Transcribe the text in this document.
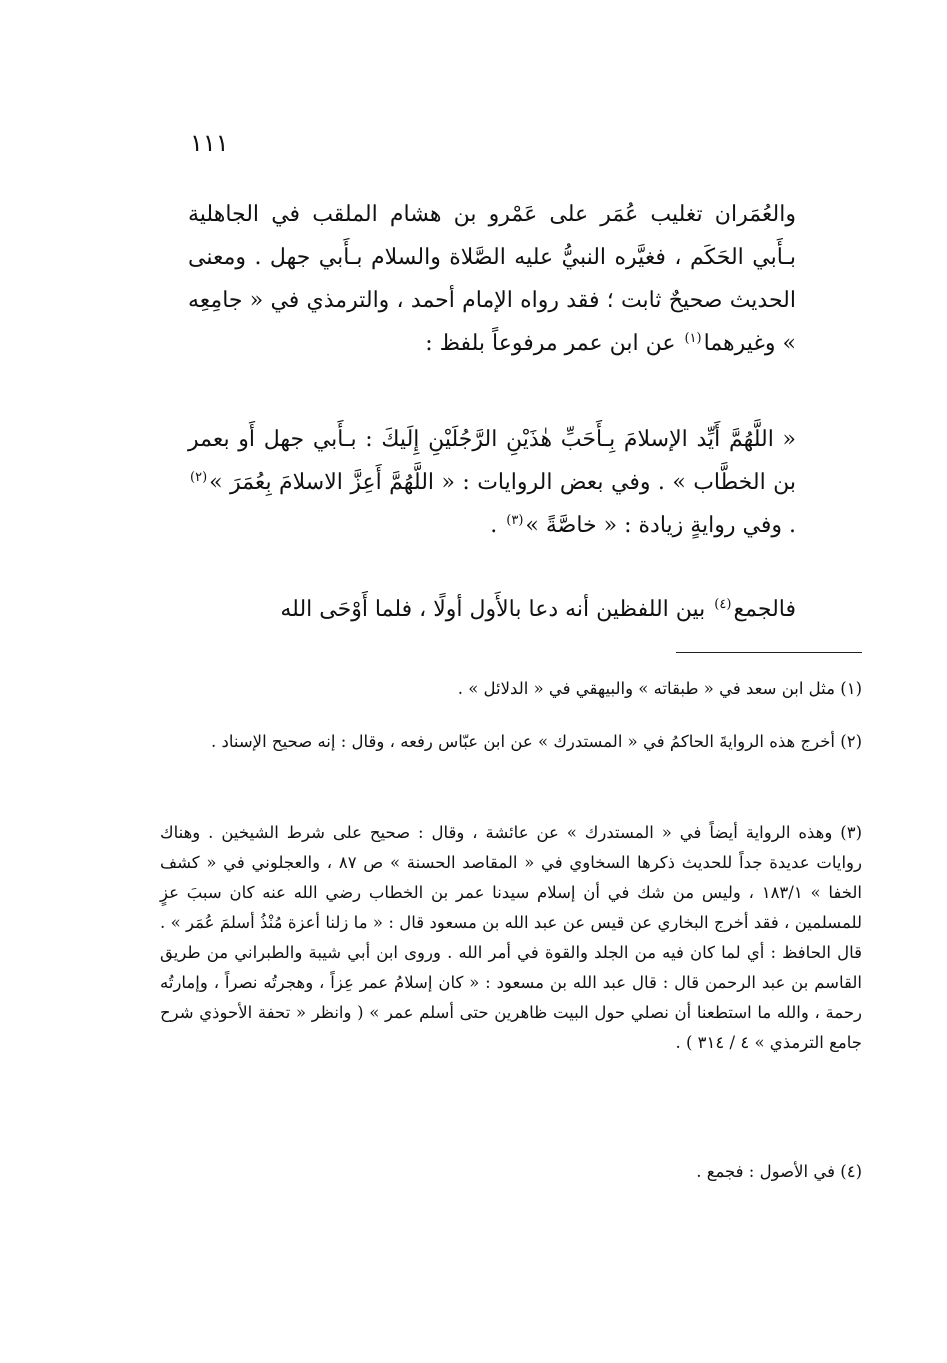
١١١

والعُمَران تغليب عُمَر على عَمْرو بن هشام الملقب في الجاهلية بـأَبي الحَكَم ، فغيَّره النبيُّ عليه الصَّلاة والسلام بـأَبي جهل . ومعنى الحديث صحيحٌ ثابت ؛ فقد رواه الإمام أحمد ، والترمذي في « جامِعِه » وغيرهما$^{(١)}$ عن ابن عمر مرفوعاً بلفظ :

« اللَّهُمَّ أَيِّد الإسلامَ بِـأَحَبِّ هٰذَيْنِ الرَّجُلَيْنِ إِلَيكَ : بـأَبي جهل أَو بعمر بن الخطَّاب » . وفي بعض الروايات : « اللَّهُمَّ أَعِزَّ الاسلامَ بِعُمَرَ »$^{(٢)}$ . وفي روايةٍ زيادة : « خاصَّةً »$^{(٣)}$ .

فالجمع$^{(٤)}$ بين اللفظين أنه دعا بالأَول أولًا ، فلما أَوْحَى الله

(١) مثل ابن سعد في « طبقاته » والبيهقي في « الدلائل » .

(٢) أخرج هذه الروايةَ الحاكمُ في « المستدرك » عن ابن عبّاس رفعه ، وقال : إنه صحيح الإسناد .

(٣) وهذه الرواية أيضاً في « المستدرك » عن عائشة ، وقال : صحيح على شرط الشيخين . وهناك روايات عديدة جداً للحديث ذكرها السخاوي في « المقاصد الحسنة » ص ٨٧ ، والعجلوني في « كشف الخفا » ١٨٣/١ ، وليس من شك في أن إسلام سيدنا عمر بن الخطاب رضي الله عنه كان سببَ عزٍ للمسلمين ، فقد أخرج البخاري عن قيس عن عبد الله بن مسعود قال : « ما زلنا أعزة مُنْذُ أسلمَ عُمَر » . قال الحافظ : أي لما كان فيه من الجلد والقوة في أمر الله . وروى ابن أبي شيبة والطبراني من طريق القاسم بن عبد الرحمن قال : قال عبد الله بن مسعود : « كان إسلامُ عمر عِزاً ، وهجرتُه نصراً ، وإمارتُه رحمة ، والله ما استطعنا أن نصلي حول البيت ظاهرين حتى أسلم عمر » ( وانظر « تحفة الأحوذي شرح جامع الترمذي » ٤ / ٣١٤ ) .

(٤) في الأصول : فجمع .
